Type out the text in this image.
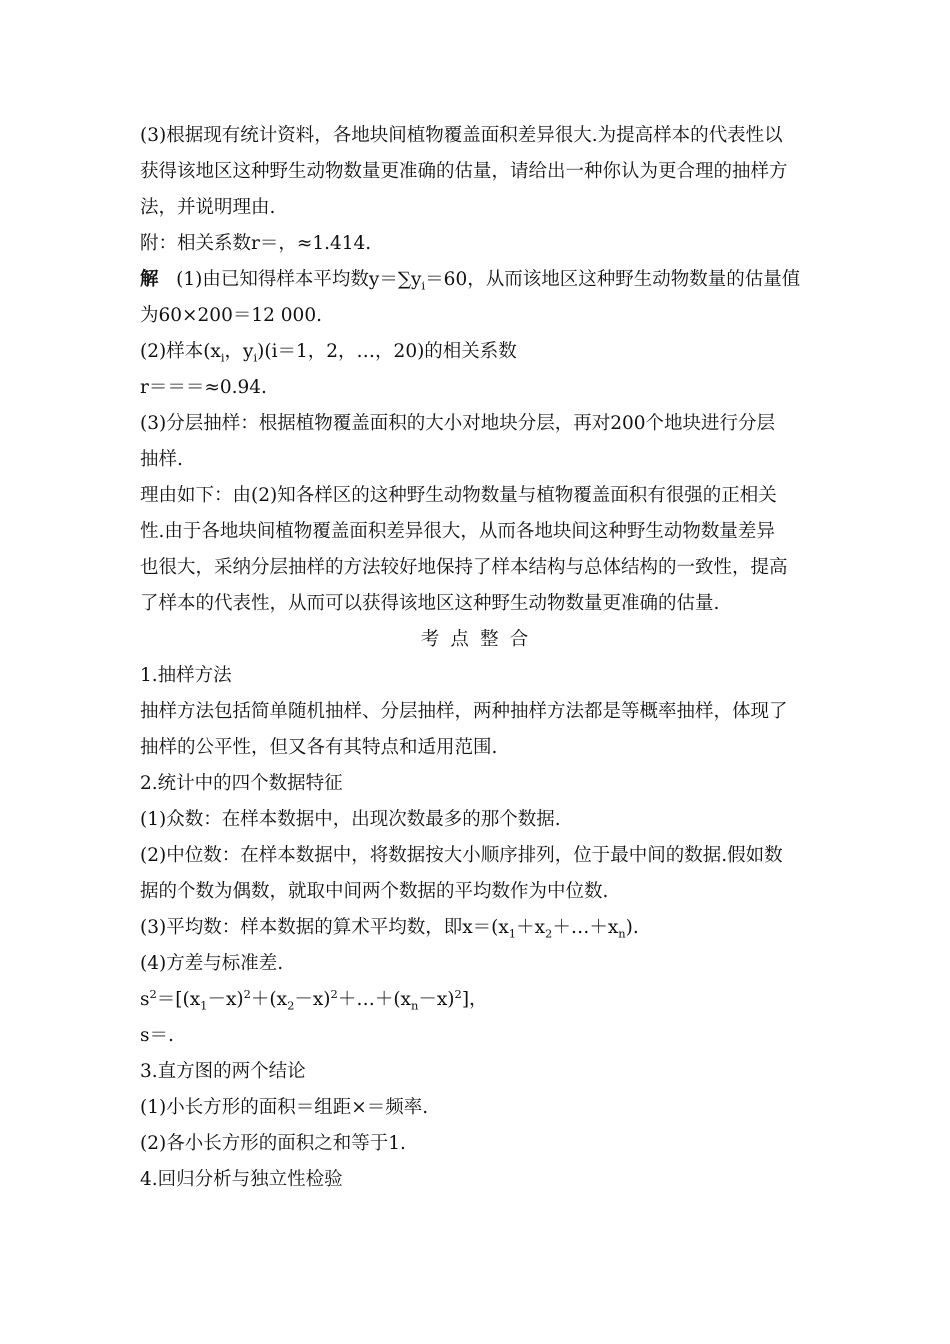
(3)根据现有统计资料，各地块间植物覆盖面积差异很大.为提高样本的代表性以
获得该地区这种野生动物数量更准确的估量，请给出一种你认为更合理的抽样方
法，并说明理由.
附：相关系数r＝，≈1.414.
解 (1)由已知得样本平均数$y=\sum y_i=60$，从而该地区这种野生动物数量的估量值
为60×200＝12 000.
(2)样本($x_i$，$y_i)(i=1$，2，…，20)的相关系数
r＝＝＝≈0.94.
(3)分层抽样：根据植物覆盖面积的大小对地块分层，再对200个地块进行分层
抽样.
理由如下：由(2)知各样区的这种野生动物数量与植物覆盖面积有很强的正相关
性.由于各地块间植物覆盖面积差异很大，从而各地块间这种野生动物数量差异
也很大，采纳分层抽样的方法较好地保持了样本结构与总体结构的一致性，提高
了样本的代表性，从而可以获得该地区这种野生动物数量更准确的估量.
考点整合
1.抽样方法
抽样方法包括简单随机抽样、分层抽样，两种抽样方法都是等概率抽样，体现了
抽样的公平性，但又各有其特点和适用范围.
2.统计中的四个数据特征
(1)众数：在样本数据中，出现次数最多的那个数据.
(2)中位数：在样本数据中，将数据按大小顺序排列，位于最中间的数据.假如数
据的个数为偶数，就取中间两个数据的平均数作为中位数.
(3)平均数：样本数据的算术平均数，即$x=(x_1+x_2+\dots+x_n)$.
(4)方差与标准差.
$s^2=[(x_1-x)^2+(x_2-x)^2+\dots+(x_n-x)^2]$，
s＝.
3.直方图的两个结论
(1)小长方形的面积＝组距×＝频率.
(2)各小长方形的面积之和等于1.
4.回归分析与独立性检验
